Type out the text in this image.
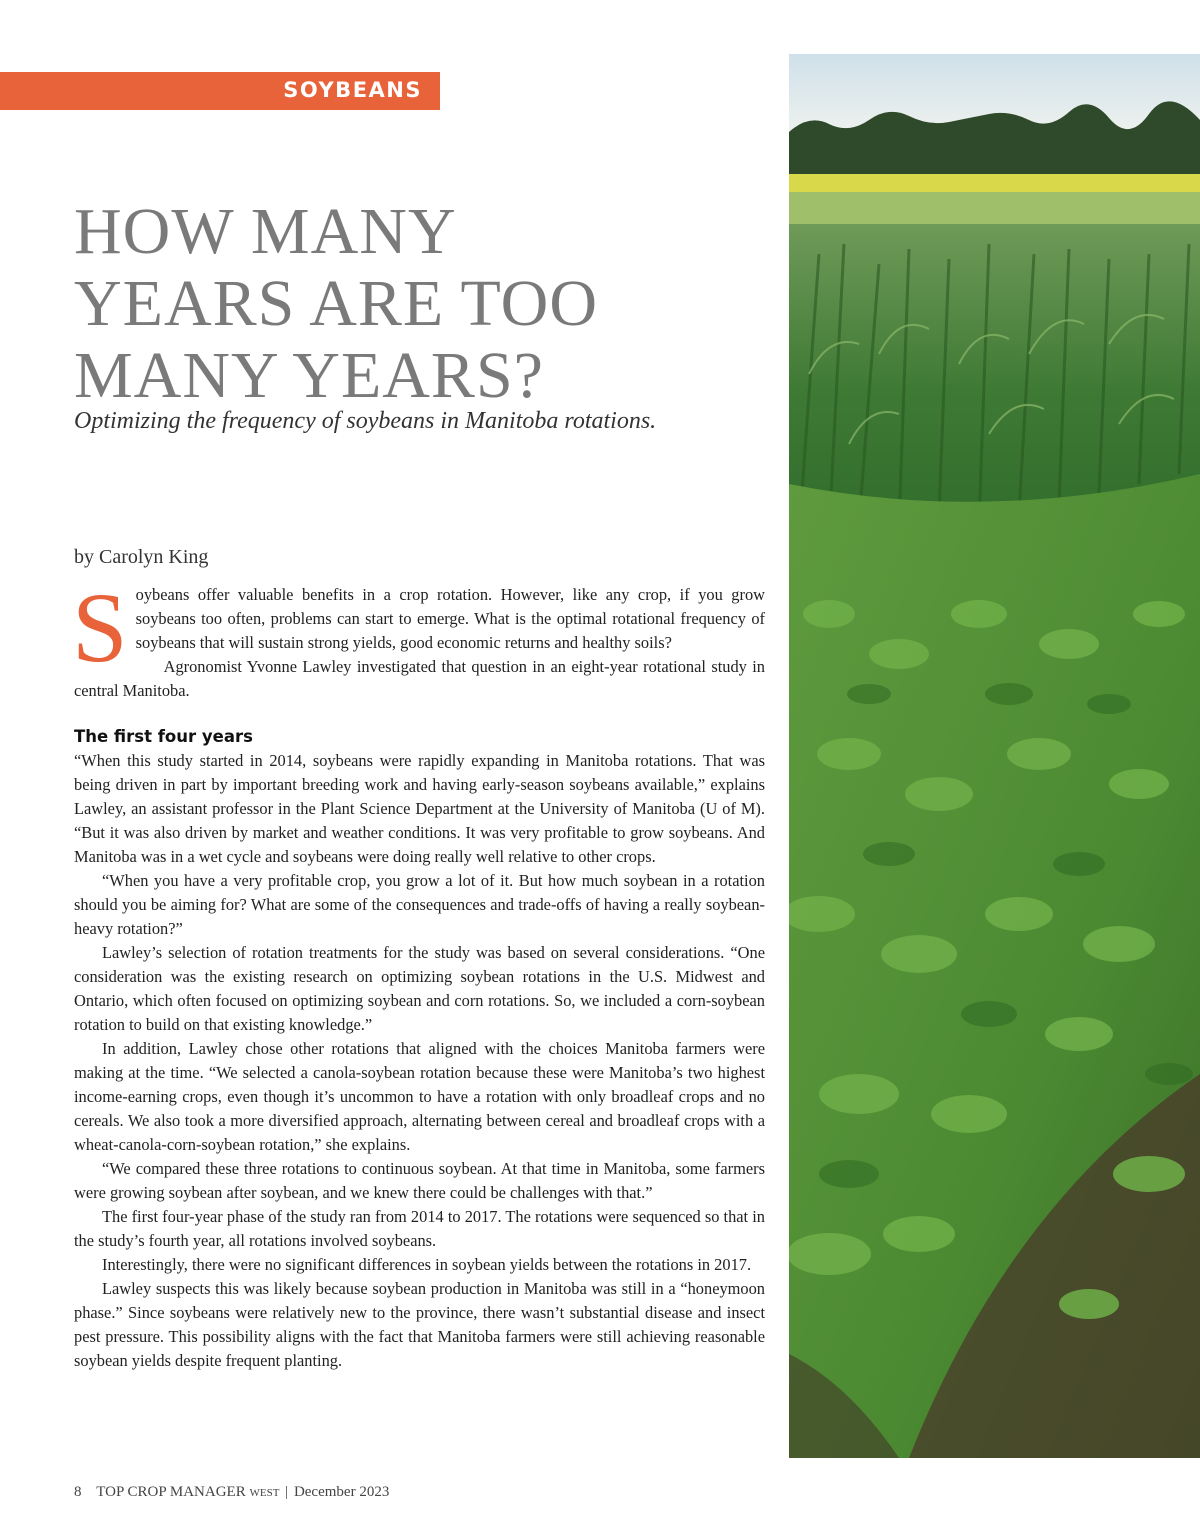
SOYBEANS
HOW MANY
YEARS ARE TOO
MANY YEARS?
Optimizing the frequency of soybeans in Manitoba rotations.
by Carolyn King

Soybeans offer valuable benefits in a crop rotation. However, like any crop, if you grow soybeans too often, problems can start to emerge. What is the optimal rotational frequency of soybeans that will sustain strong yields, good economic returns and healthy soils?

Agronomist Yvonne Lawley investigated that question in an eight-year rotational study in central Manitoba.

The first four years

“When this study started in 2014, soybeans were rapidly expanding in Manitoba rotations. That was being driven in part by important breeding work and having early-season soybeans available,” explains Lawley, an assistant professor in the Plant Science Department at the University of Manitoba (U of M). “But it was also driven by market and weather conditions. It was very profitable to grow soybeans. And Manitoba was in a wet cycle and soybeans were doing really well relative to other crops.

“When you have a very profitable crop, you grow a lot of it. But how much soybean in a rotation should you be aiming for? What are some of the consequences and trade-offs of having a really soybean-heavy rotation?”

Lawley’s selection of rotation treatments for the study was based on several considerations. “One consideration was the existing research on optimizing soybean rotations in the U.S. Midwest and Ontario, which often focused on optimizing soybean and corn rotations. So, we included a corn-soybean rotation to build on that existing knowledge.”

In addition, Lawley chose other rotations that aligned with the choices Manitoba farmers were making at the time. “We selected a canola-soybean rotation because these were Manitoba’s two highest income-earning crops, even though it’s uncommon to have a rotation with only broadleaf crops and no cereals. We also took a more diversified approach, alternating between cereal and broadleaf crops with a wheat-canola-corn-soybean rotation,” she explains.

“We compared these three rotations to continuous soybean. At that time in Manitoba, some farmers were growing soybean after soybean, and we knew there could be challenges with that.”

The first four-year phase of the study ran from 2014 to 2017. The rotations were sequenced so that in the study’s fourth year, all rotations involved soybeans.

Interestingly, there were no significant differences in soybean yields between the rotations in 2017.

Lawley suspects this was likely because soybean production in Manitoba was still in a “honeymoon phase.” Since soybeans were relatively new to the province, there wasn’t substantial disease and insect pest pressure. This possibility aligns with the fact that Manitoba farmers were still achieving reasonable soybean yields despite frequent planting.

8 TOP CROP MANAGER WEST | December 2023
